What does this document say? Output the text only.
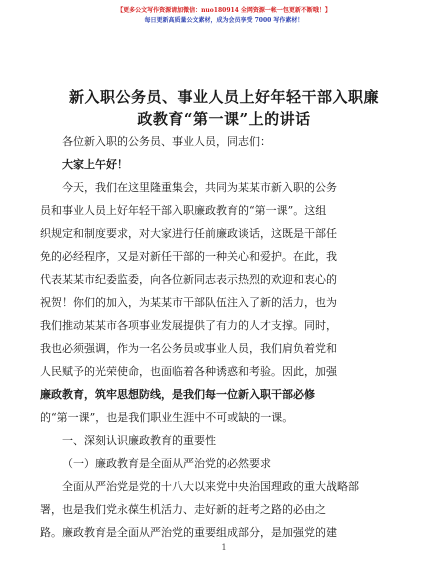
【更多公文写作资源请加微信：nuo180914 全网资源一帐一包更新不断哦！】
每日更新高质量公文素材，成为会员享受 7000 写作素材！
新入职公务员、事业人员上好年轻干部入职廉
政教育“第一课”上的讲话
各位新入职的公务员、事业人员，同志们：
大家上午好！
今天，我们在这里隆重集会，共同为某某市新入职的公务
员和事业人员上好年轻干部入职廉政教育的“第一课”。这组
织规定和制度要求，对大家进行任前廉政谈话，这既是干部任
免的必经程序，又是对新任干部的一种关心和爱护。在此，我
代表某某市纪委监委，向各位新同志表示热烈的欢迎和衷心的
祝贺！你们的加入，为某某市干部队伍注入了新的活力，也为
我们推动某某市各项事业发展提供了有力的人才支撑。同时，
我也必须强调，作为一名公务员或事业人员，我们肩负着党和
人民赋予的光荣使命，也面临着各种诱惑和考验。因此，加强
廉政教育，筑牢思想防线，是我们每一位新入职干部必修
的“第一课”，也是我们职业生涯中不可或缺的一课。
一、深刻认识廉政教育的重要性
（一）廉政教育是全面从严治党的必然要求
全面从严治党是党的十八大以来党中央治国理政的重大战略部
署，也是我们党永葆生机活力、走好新的赶考之路的必由之
路。廉政教育是全面从严治党的重要组成部分，是加强党的建
1
